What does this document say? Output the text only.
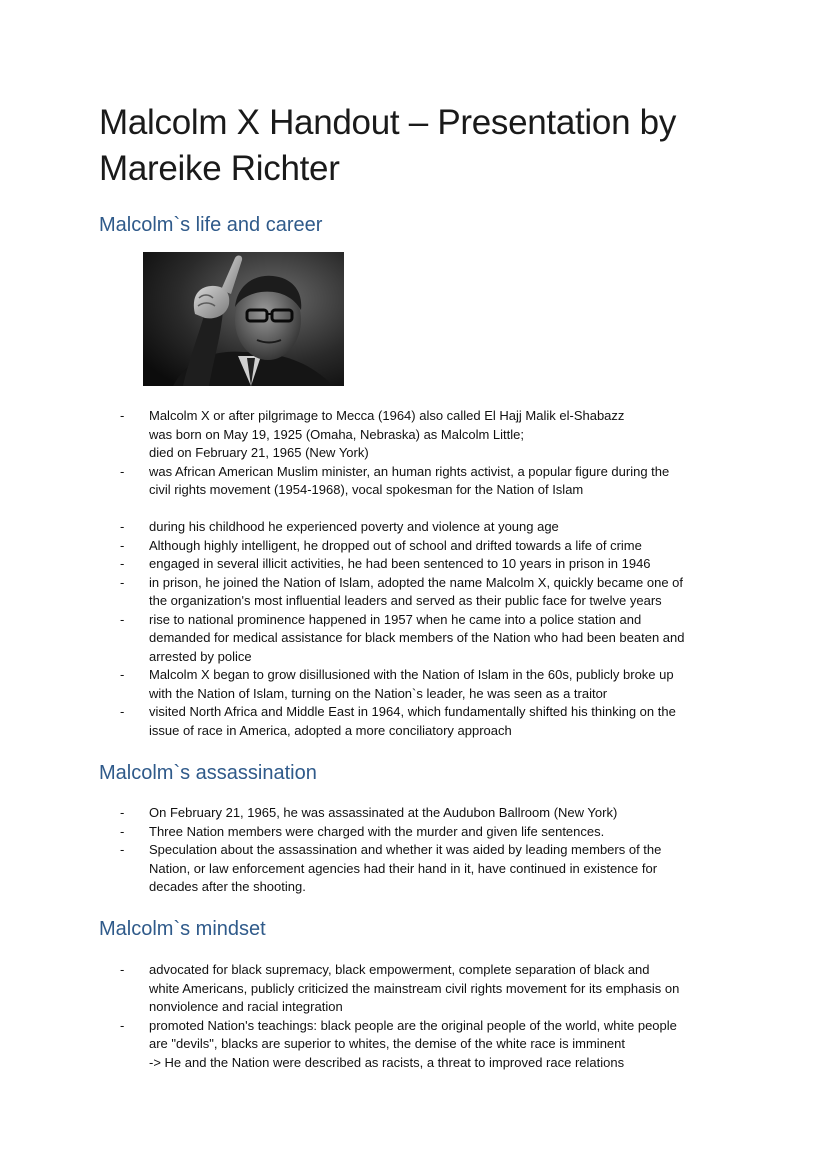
Malcolm X Handout – Presentation by
Mareike Richter
Malcolm`s life and career
- Malcolm X or after pilgrimage to Mecca (1964) also called El Hajj Malik el-Shabazz
was born on May 19, 1925 (Omaha, Nebraska) as Malcolm Little;
died on February 21, 1965 (New York)
- was African American Muslim minister, an human rights activist, a popular figure during the
civil rights movement (1954-1968), vocal spokesman for the Nation of Islam
- during his childhood he experienced poverty and violence at young age
- Although highly intelligent, he dropped out of school and drifted towards a life of crime
- engaged in several illicit activities, he had been sentenced to 10 years in prison in 1946
- in prison, he joined the Nation of Islam, adopted the name Malcolm X, quickly became one of
the organization's most influential leaders and served as their public face for twelve years
- rise to national prominence happened in 1957 when he came into a police station and
demanded for medical assistance for black members of the Nation who had been beaten and
arrested by police
- Malcolm X began to grow disillusioned with the Nation of Islam in the 60s, publicly broke up
with the Nation of Islam, turning on the Nation`s leader, he was seen as a traitor
- visited North Africa and Middle East in 1964, which fundamentally shifted his thinking on the
issue of race in America, adopted a more conciliatory approach
Malcolm`s assassination
- On February 21, 1965, he was assassinated at the Audubon Ballroom (New York)
- Three Nation members were charged with the murder and given life sentences.
- Speculation about the assassination and whether it was aided by leading members of the
Nation, or law enforcement agencies had their hand in it, have continued in existence for
decades after the shooting.
Malcolm`s mindset
- advocated for black supremacy, black empowerment, complete separation of black and
white Americans, publicly criticized the mainstream civil rights movement for its emphasis on
nonviolence and racial integration
- promoted Nation's teachings: black people are the original people of the world, white people
are "devils", blacks are superior to whites, the demise of the white race is imminent
-> He and the Nation were described as racists, a threat to improved race relations
